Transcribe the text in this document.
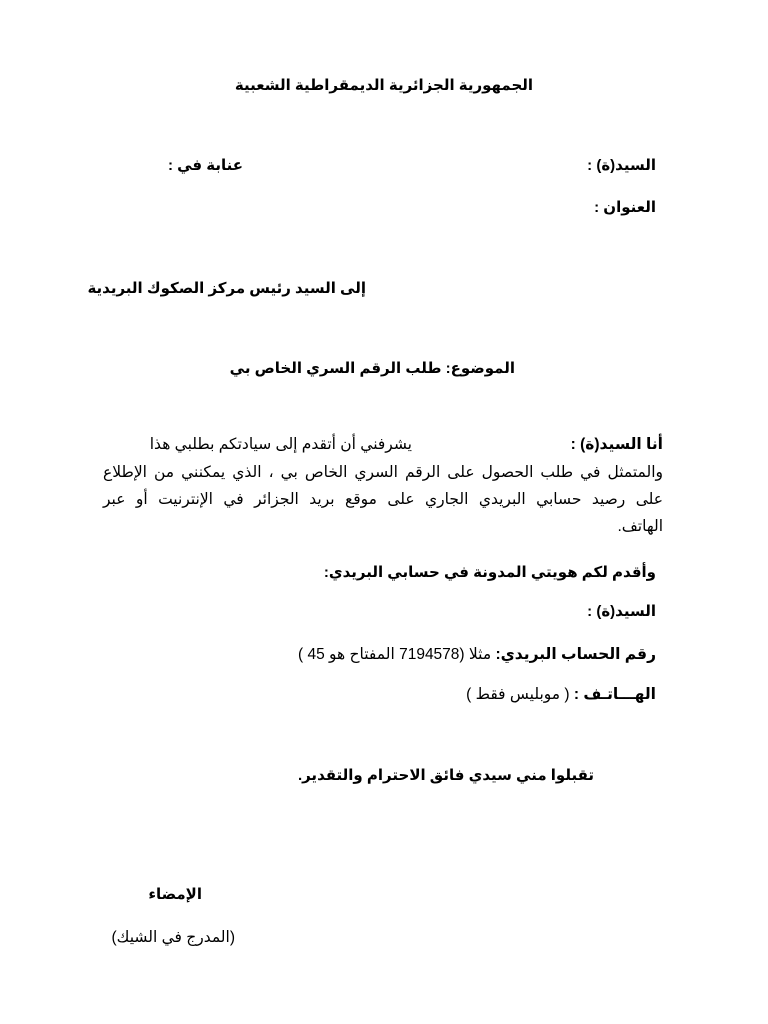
الجمهورية الجزائرية الديمقراطية الشعبية
السيد(ة) :
عنابة في :
العنوان :
إلى السيد رئيس مركز الصكوك البريدية
الموضوع: طلب الرقم السري الخاص بي
أنا السيد(ة) :  يشرفني أن أتقدم إلى سيادتكم بطلبي هذا
والمتمثل في طلب الحصول على الرقم السري الخاص بي ، الذي يمكنني من الإطلاع
على رصيد حسابي البريدي الجاري على موقع بريد الجزائر في الإنترنيت أو عبر
الهاتف.
وأقدم لكم هويتي المدونة في حسابي البريدي:
السيد(ة) :
رقم الحساب البريدي: مثلا (7194578 المفتاح هو 45 )
الهـــاتـف : ( موبليس فقط )
تقبلوا مني سيدي فائق الاحترام والتقدير.
الإمضاء
(المدرج في الشيك)
